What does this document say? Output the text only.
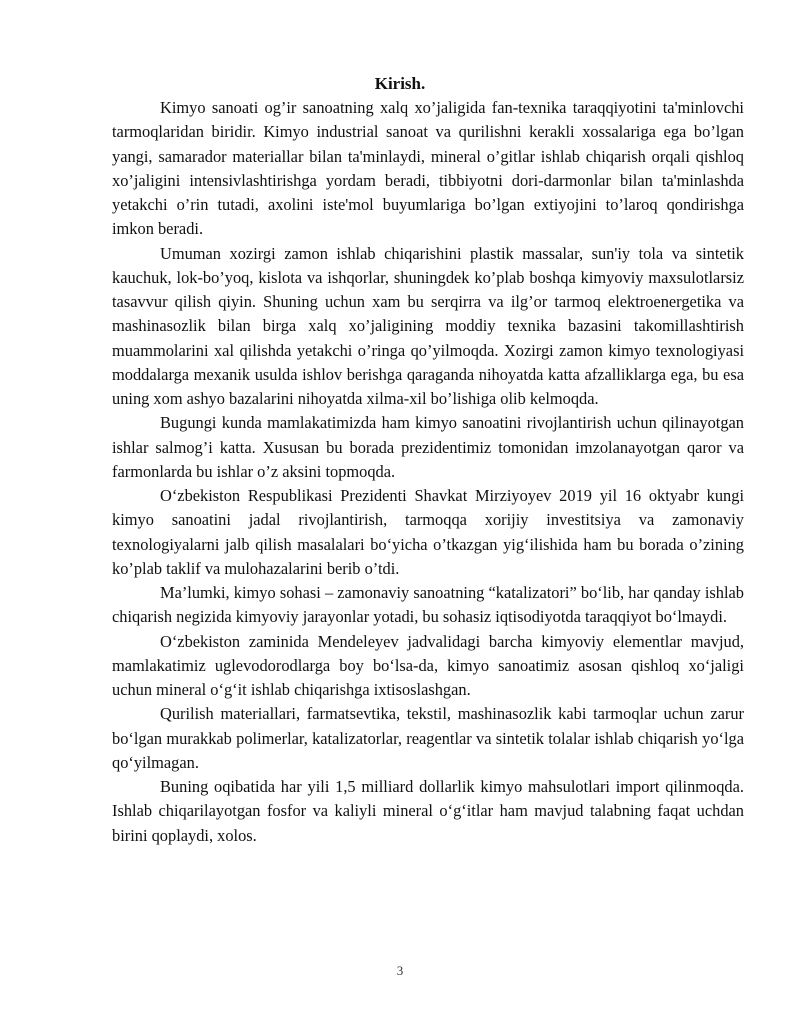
Kirish.

Kimyo sanoati og’ir sanoatning xalq xo’jaligida fan-texnika taraqqiyotini ta'minlovchi tarmoqlaridan biridir. Kimyo industrial sanoat va qurilishni kerakli xossalariga ega bo’lgan yangi, samarador materiallar bilan ta'minlaydi, mineral o’gitlar ishlab chiqarish orqali qishloq xo’jaligini intensivlashtirishga yordam beradi, tibbiyotni dori-darmonlar bilan ta'minlashda yetakchi o’rin tutadi, axolini iste'mol buyumlariga bo’lgan extiyojini to’laroq qondirishga imkon beradi.

Umuman xozirgi zamon ishlab chiqarishini plastik massalar, sun'iy tola va sintetik kauchuk, lok-bo’yoq, kislota va ishqorlar, shuningdek ko’plab boshqa kimyoviy maxsulotlarsiz tasavvur qilish qiyin. Shuning uchun xam bu serqirra va ilg’or tarmoq elektroenergetika va mashinasozlik bilan birga xalq xo’jaligining moddiy texnika bazasini takomillashtirish muammolarini xal qilishda yetakchi o’ringa qo’yilmoqda. Xozirgi zamon kimyo texnologiyasi moddalarga mexanik usulda ishlov berishga qaraganda nihoyatda katta afzalliklarga ega, bu esa uning xom ashyo bazalarini nihoyatda xilma-xil bo’lishiga olib kelmoqda.

Bugungi kunda mamlakatimizda ham kimyo sanoatini rivojlantirish uchun qilinayotgan ishlar salmog’i katta. Xususan bu borada prezidentimiz tomonidan imzolanayotgan qaror va farmonlarda bu ishlar o’z aksini topmoqda.

O‘zbekiston Respublikasi Prezidenti Shavkat Mirziyoyev 2019 yil 16 oktyabr kungi kimyo sanoatini jadal rivojlantirish, tarmoqqa xorijiy investitsiya va zamonaviy texnologiyalarni jalb qilish masalalari bo‘yicha o’tkazgan yig‘ilishida ham bu borada o’zining ko’plab taklif va mulohazalarini berib o’tdi.

Ma’lumki, kimyo sohasi – zamonaviy sanoatning “katalizatori” bo‘lib, har qanday ishlab chiqarish negizida kimyoviy jarayonlar yotadi, bu sohasiz iqtisodiyotda taraqqiyot bo‘lmaydi.

O‘zbekiston zaminida Mendeleyev jadvalidagi barcha kimyoviy elementlar mavjud, mamlakatimiz uglevodorodlarga boy bo‘lsa-da, kimyo sanoatimiz asosan qishloq xo‘jaligi uchun mineral o‘g‘it ishlab chiqarishga ixtisoslashgan.

Qurilish materiallari, farmatsevtika, tekstil, mashinasozlik kabi tarmoqlar uchun zarur bo‘lgan murakkab polimerlar, katalizatorlar, reagentlar va sintetik tolalar ishlab chiqarish yo‘lga qo‘yilmagan.

Buning oqibatida har yili 1,5 milliard dollarlik kimyo mahsulotlari import qilinmoqda. Ishlab chiqarilayotgan fosfor va kaliyli mineral o‘g‘itlar ham mavjud talabning faqat uchdan birini qoplaydi, xolos.

3
